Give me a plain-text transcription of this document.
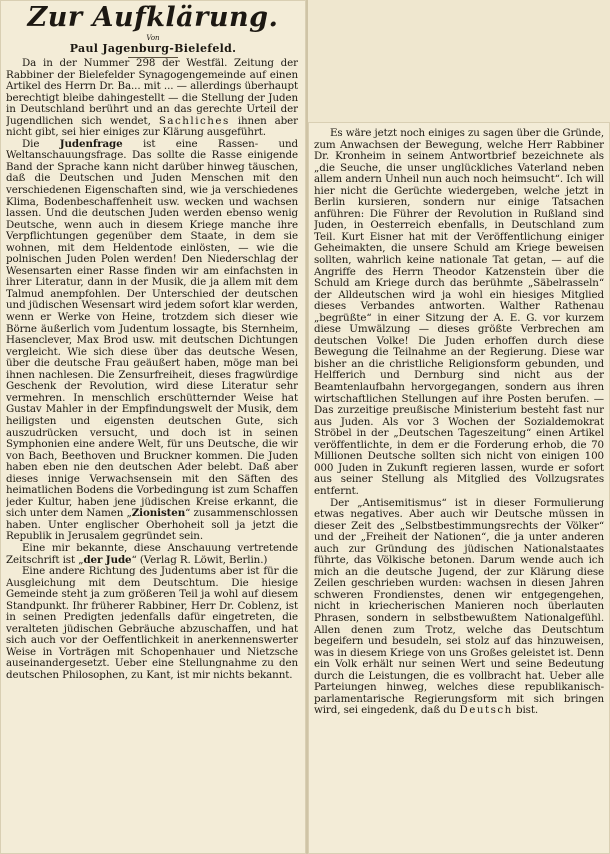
Zur Aufklärung.
Von
Paul Jagenburg-Bielefeld.

Da in der Nummer 298 der Westfäl. Zeitung der Rabbiner der Bielefelder Synagogengemeinde auf einen Artikel des Herrn Dr. Ba... mit ... — allerdings überhaupt berechtigt bleibe dahingestellt — die Stellung der Juden in Deutschland berührt und an das gerechte Urteil der Jugendlichen sich wendet, Sachliches ihnen aber nicht gibt, sei hier einiges zur Klärung ausgeführt.

Die Judenfrage ist eine Rassen- und Weltanschauungsfrage. Das sollte die Rasse einigende Band der Sprache kann nicht darüber hinweg täuschen, daß die Deutschen und Juden Menschen mit den verschiedenen Eigenschaften sind, wie ja verschiedenes Klima, Bodenbeschaffenheit usw. wecken und wachsen lassen. Und die deutschen Juden werden ebenso wenig Deutsche, wenn auch in diesem Kriege manche ihre Verpflichtungen gegenüber dem Staate, in dem sie wohnen, mit dem Heldentode einlösten, — wie die polnischen Juden Polen werden! Den Niederschlag der Wesensarten einer Rasse finden wir am einfachsten in ihrer Literatur, dann in der Musik, die ja allem mit dem Talmud anempfohlen. Der Unterschied der deutschen und jüdischen Wesensart wird jedem sofort klar werden, wenn er Werke von Heine, trotzdem sich dieser wie Börne äußerlich vom Judentum lossagte, bis Sternheim, Hasenclever, Max Brod usw. mit deutschen Dichtungen vergleicht. Wie sich diese über das deutsche Wesen, über die deutsche Frau geäußert haben, möge man bei ihnen nachlesen. Die Zensurfreiheit, dieses fragwürdige Geschenk der Revolution, wird diese Literatur sehr vermehren. In menschlich erschütternder Weise hat Gustav Mahler in der Empfindungswelt der Musik, dem heiligsten und eigensten deutschen Gute, sich auszudrücken versucht, und doch ist in seinen Symphonien eine andere Welt, für uns Deutsche, die wir von Bach, Beethoven und Bruckner kommen. Die Juden haben eben nie den deutschen Ader belebt. Daß aber dieses innige Verwachsensein mit den Säften des heimatlichen Bodens die Vorbedingung ist zum Schaffen jeder Kultur, haben jene jüdischen Kreise erkannt, die sich unter dem Namen „Zionisten“ zusammenschlossen haben. Unter englischer Oberhoheit soll ja jetzt die Republik in Jerusalem gegründet sein.

Eine mir bekannte, diese Anschauung vertretende Zeitschrift ist „der Jude“ (Verlag R. Löwit, Berlin.)

Eine andere Richtung des Judentums aber ist für die Ausgleichung mit dem Deutschtum. Die hiesige Gemeinde steht ja zum größeren Teil ja wohl auf diesem Standpunkt. Ihr früherer Rabbiner, Herr Dr. Coblenz, ist in seinen Predigten jedenfalls dafür eingetreten, die veralteten jüdischen Gebräuche abzuschaffen, und hat sich auch vor der Oeffentlichkeit in anerkennenswerter Weise in Vorträgen mit Schopenhauer und Nietzsche auseinandergesetzt. Ueber eine Stellungnahme zu den deutschen Philosophen, zu Kant, ist mir nichts bekannt.

Es wäre jetzt noch einiges zu sagen über die Gründe, zum Anwachsen der Bewegung, welche Herr Rabbiner Dr. Kronheim in seinem Antwortbrief bezeichnete als „die Seuche, die unser unglückliches Vaterland neben allem andern Unheil nun auch noch heimsucht“. Ich will hier nicht die Gerüchte wiedergeben, welche jetzt in Berlin kursieren, sondern nur einige Tatsachen anführen: Die Führer der Revolution in Rußland sind Juden, in Oesterreich ebenfalls, in Deutschland zum Teil. Kurt Eisner hat mit der Veröffentlichung einiger Geheimakten, die unsere Schuld am Kriege beweisen sollten, wahrlich keine nationale Tat getan, — auf die Angriffe des Herrn Theodor Katzenstein über die Schuld am Kriege durch das berühmte „Säbelrasseln“ der Alldeutschen wird ja wohl ein hiesiges Mitglied dieses Verbandes antworten. Walther Rathenau „begrüßte“ in einer Sitzung der A. E. G. vor kurzem diese Umwälzung — dieses größte Verbrechen am deutschen Volke! Die Juden erhoffen durch diese Bewegung die Teilnahme an der Regierung. Diese war bisher an die christliche Religionsform gebunden, und Helfferich und Dernburg sind nicht aus der Beamtenlaufbahn hervorgegangen, sondern aus ihren wirtschaftlichen Stellungen auf ihre Posten berufen. — Das zurzeitige preußische Ministerium besteht fast nur aus Juden. Als vor 3 Wochen der Sozialdemokrat Ströbel in der „Deutschen Tageszeitung“ einen Artikel veröffentlichte, in dem er die Forderung erhob, die 70 Millionen Deutsche sollten sich nicht von einigen 100 000 Juden in Zukunft regieren lassen, wurde er sofort aus seiner Stellung als Mitglied des Vollzugsrates entfernt.

Der „Antisemitismus“ ist in dieser Formulierung etwas negatives. Aber auch wir Deutsche müssen in dieser Zeit des „Selbstbestimmungsrechts der Völker“ und der „Freiheit der Nationen“, die ja unter anderen auch zur Gründung des jüdischen Nationalstaates führte, das Völkische betonen. Darum wende auch ich mich an die deutsche Jugend, der zur Klärung diese Zeilen geschrieben wurden: wachsen in diesen Jahren schweren Frondienstes, denen wir entgegengehen, nicht in kriecherischen Manieren noch überlauten Phrasen, sondern in selbstbewußtem Nationalgefühl. Allen denen zum Trotz, welche das Deutschtum begeifern und besudeln, sei stolz auf das hinzuweisen, was in diesem Kriege von uns Großes geleistet ist. Denn ein Volk erhält nur seinen Wert und seine Bedeutung durch die Leistungen, die es vollbracht hat. Ueber alle Parteiungen hinweg, welches diese republikanisch-parlamentarische Regierungsform mit sich bringen wird, sei eingedenk, daß du Deutsch bist.
